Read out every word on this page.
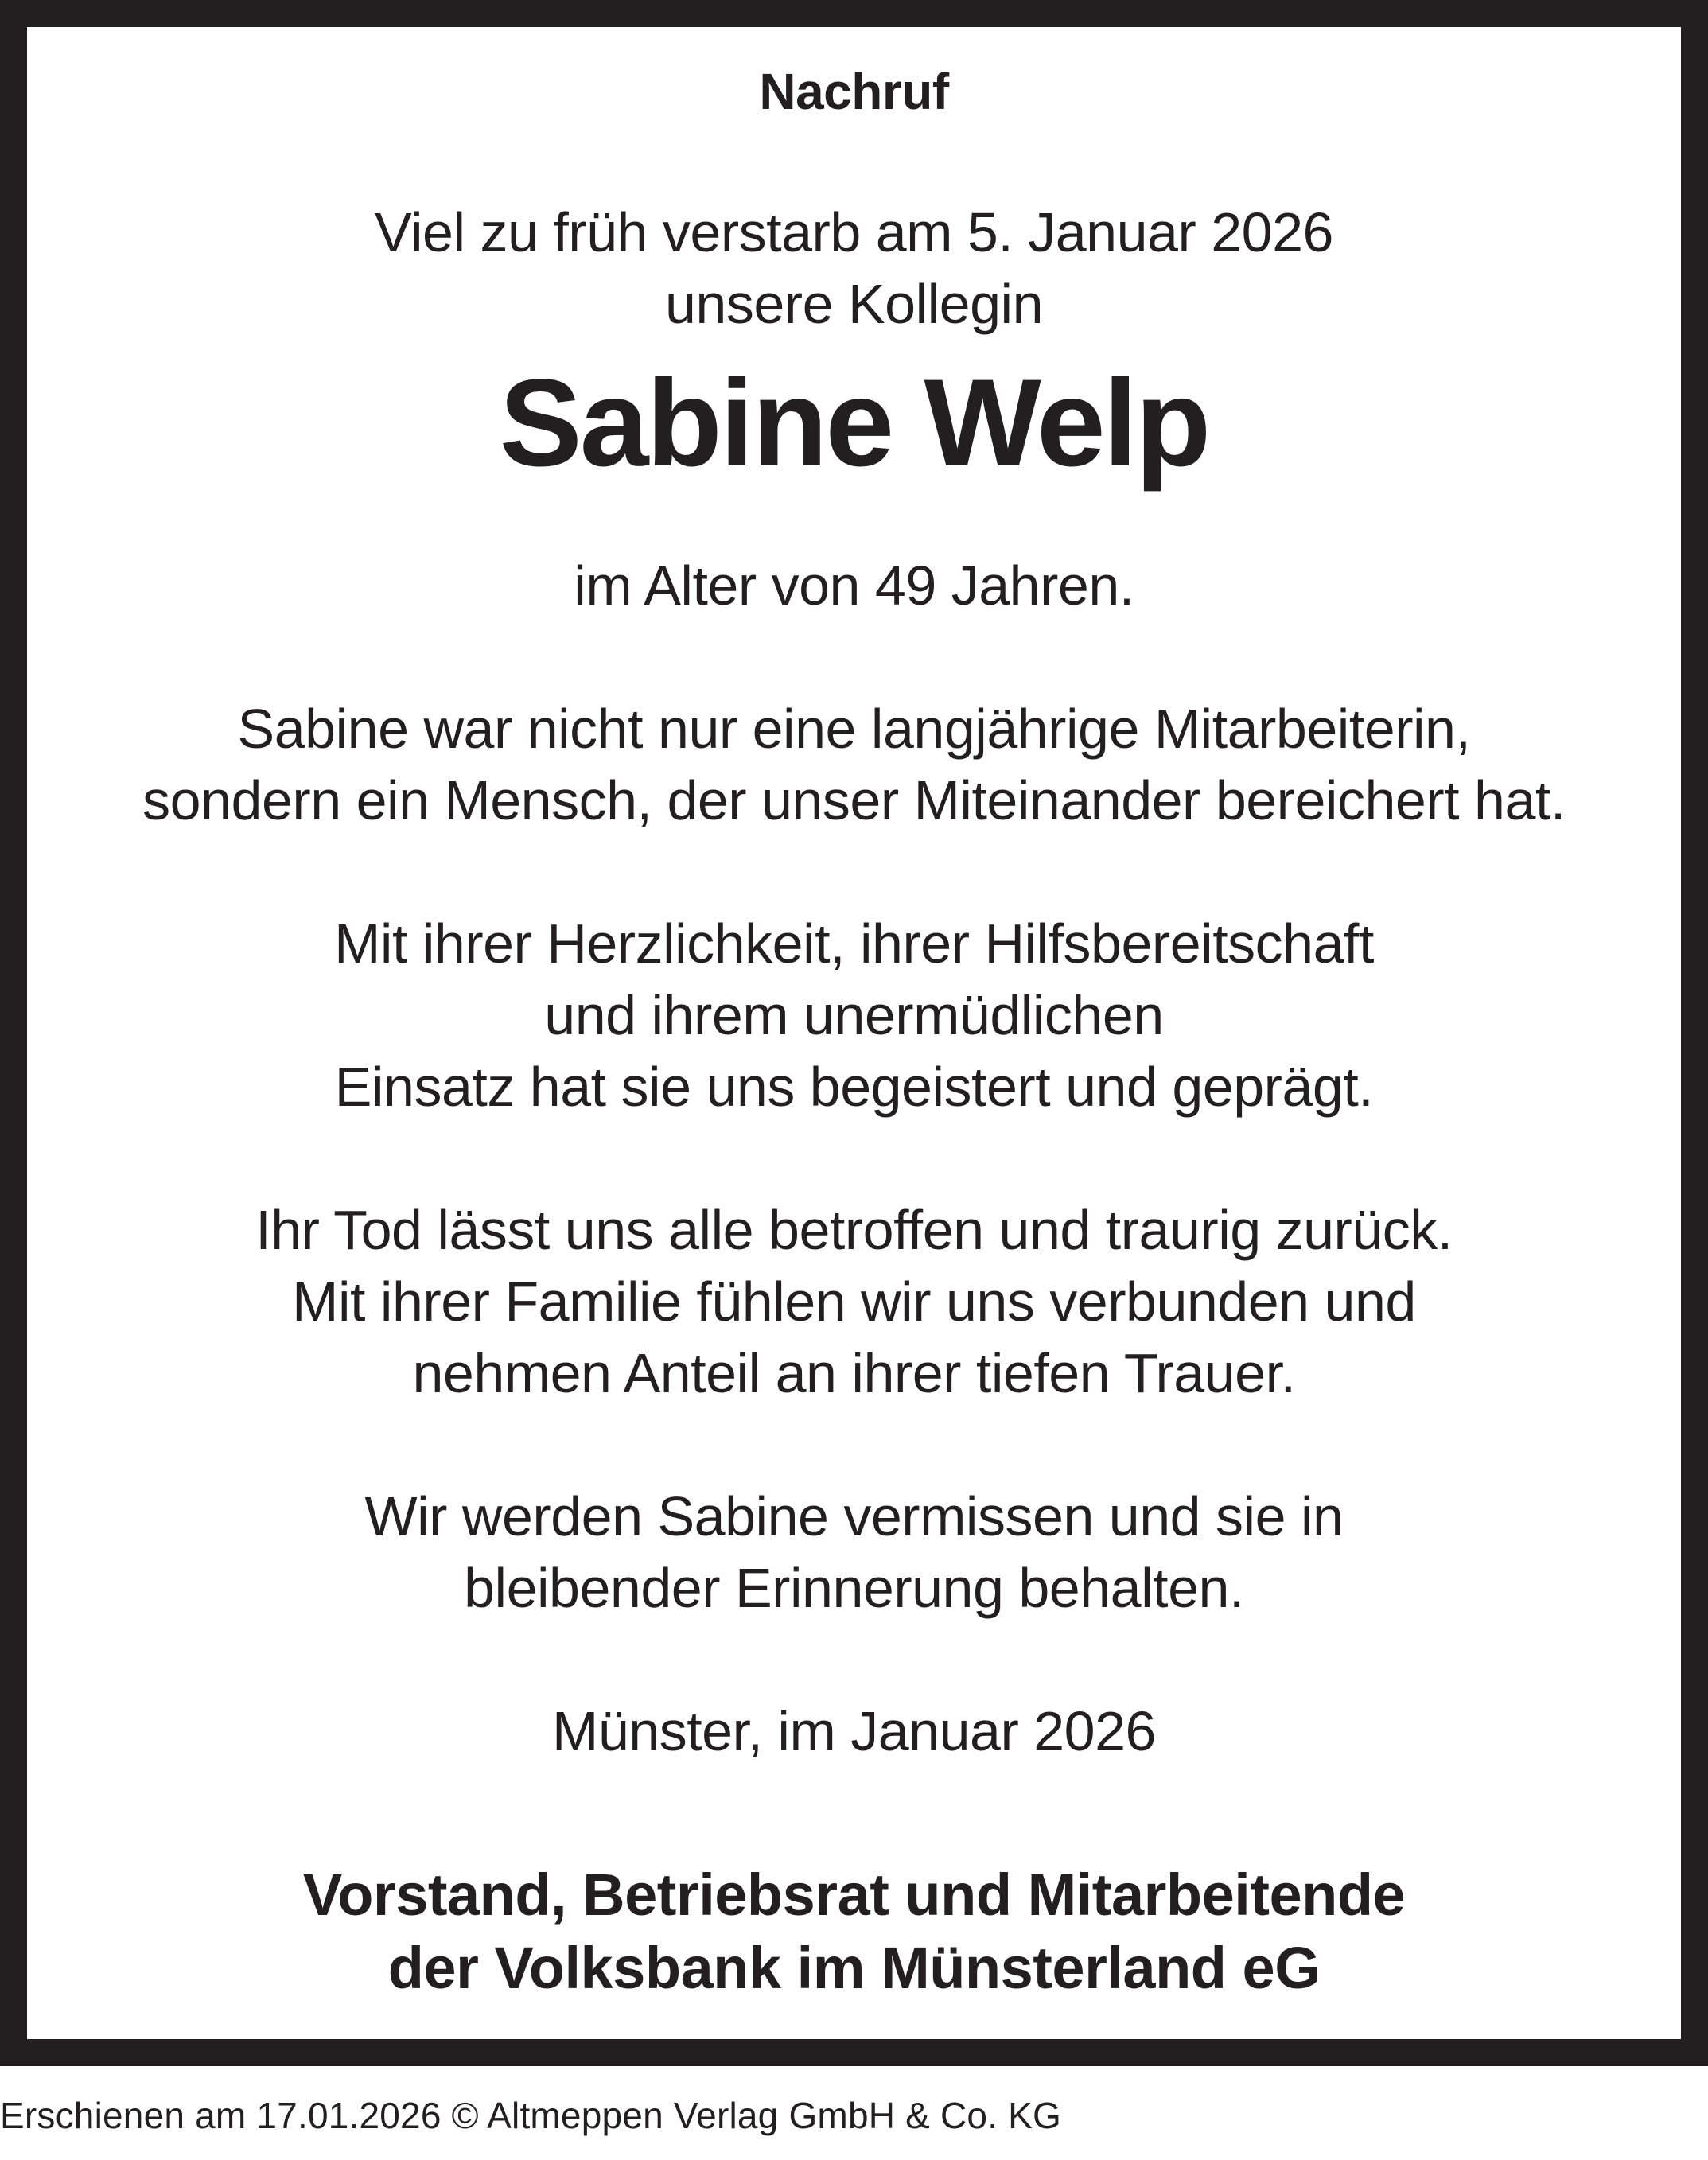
Nachruf
Viel zu früh verstarb am 5. Januar 2026
unsere Kollegin
Sabine Welp
im Alter von 49 Jahren.
Sabine war nicht nur eine langjährige Mitarbeiterin,
sondern ein Mensch, der unser Miteinander bereichert hat.
Mit ihrer Herzlichkeit, ihrer Hilfsbereitschaft
und ihrem unermüdlichen
Einsatz hat sie uns begeistert und geprägt.
Ihr Tod lässt uns alle betroffen und traurig zurück.
Mit ihrer Familie fühlen wir uns verbunden und
nehmen Anteil an ihrer tiefen Trauer.
Wir werden Sabine vermissen und sie in
bleibender Erinnerung behalten.
Münster, im Januar 2026
Vorstand, Betriebsrat und Mitarbeitende
der Volksbank im Münsterland eG
Erschienen am 17.01.2026 © Altmeppen Verlag GmbH & Co. KG
